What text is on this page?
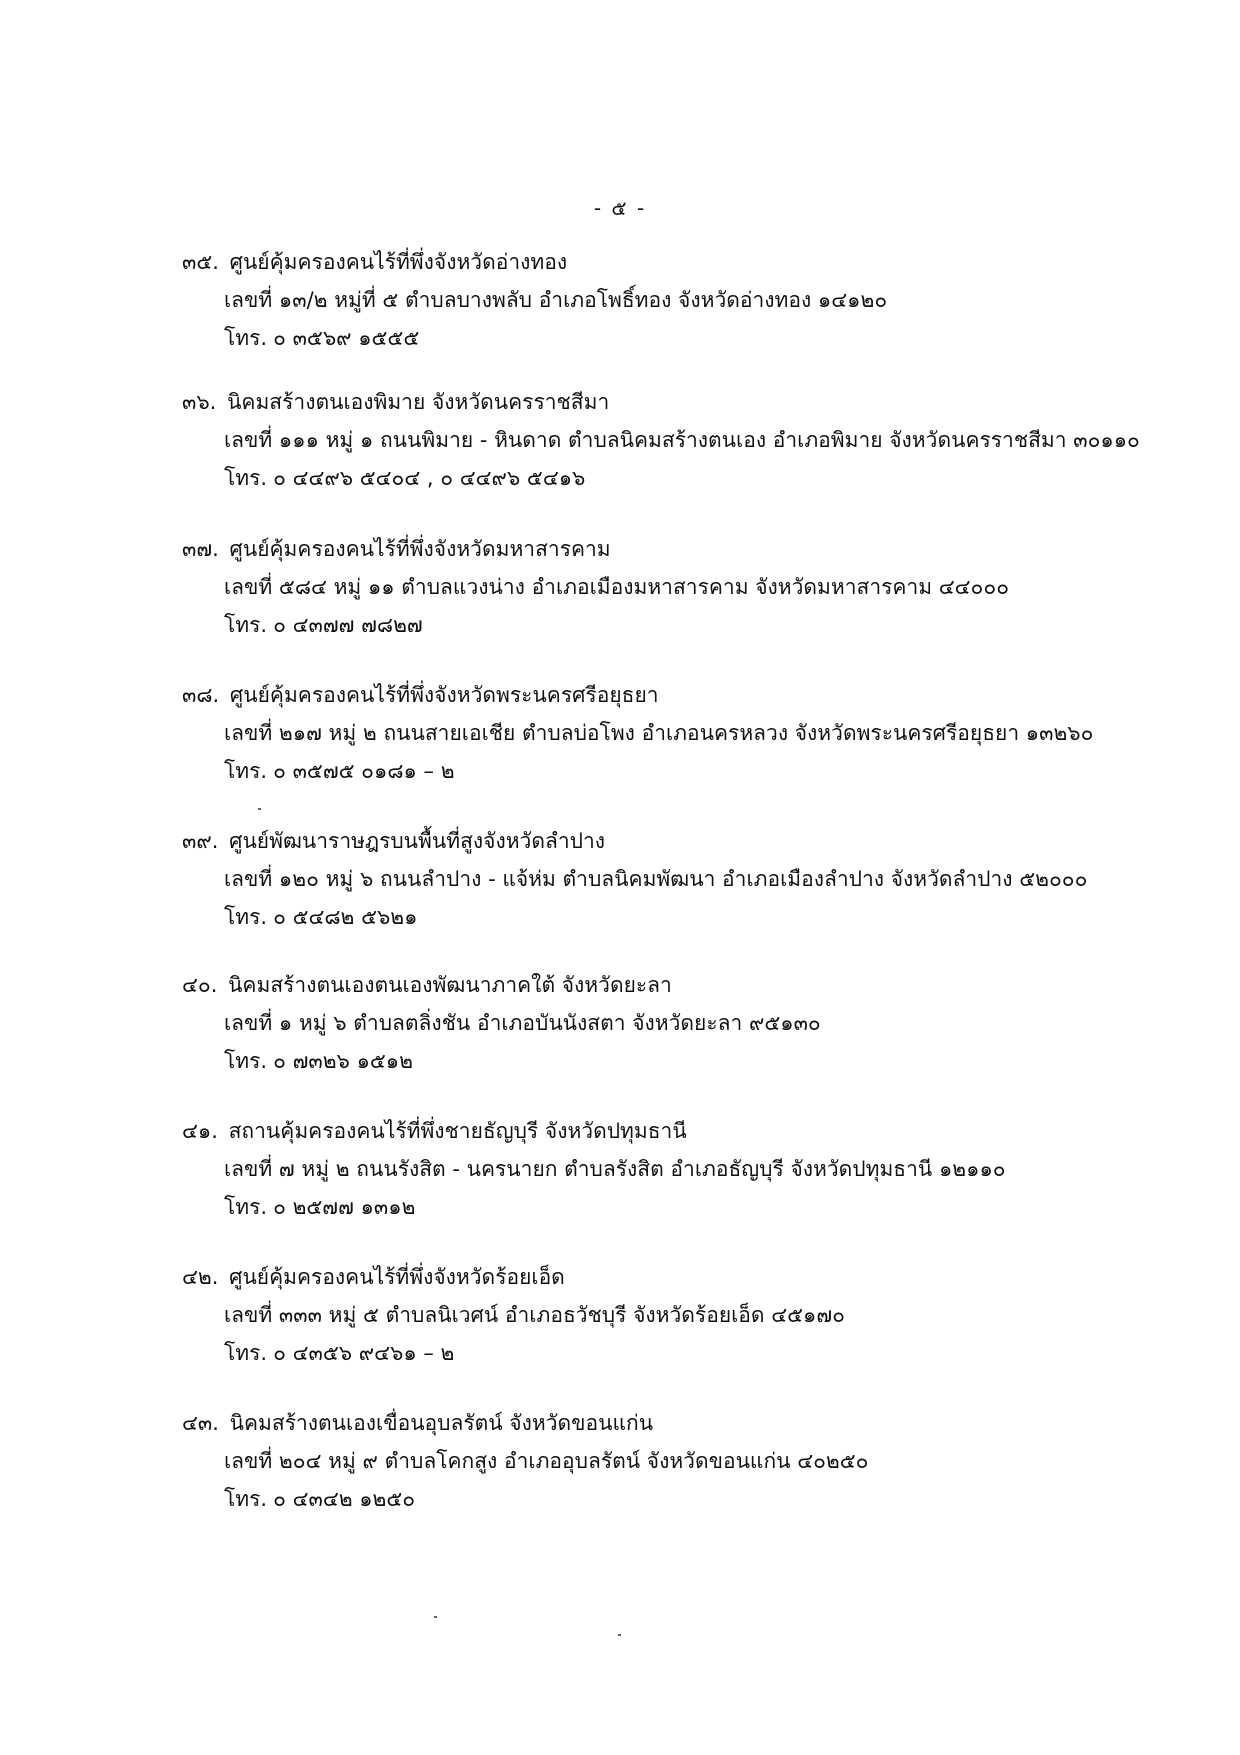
- ๕ -
๓๕. ศูนย์คุ้มครองคนไร้ที่พึ่งจังหวัดอ่างทอง
เลขที่ ๑๓/๒ หมู่ที่ ๕ ตำบลบางพลับ อำเภอโพธิ์ทอง จังหวัดอ่างทอง ๑๔๑๒๐
โทร. ๐ ๓๕๖๙ ๑๕๕๕
๓๖. นิคมสร้างตนเองพิมาย จังหวัดนครราชสีมา
เลขที่ ๑๑๑ หมู่ ๑ ถนนพิมาย - หินดาด ตำบลนิคมสร้างตนเอง อำเภอพิมาย จังหวัดนครราชสีมา ๓๐๑๑๐
โทร. ๐ ๔๔๙๖ ๕๔๐๔ , ๐ ๔๔๙๖ ๕๔๑๖
๓๗. ศูนย์คุ้มครองคนไร้ที่พึ่งจังหวัดมหาสารคาม
เลขที่ ๕๘๔ หมู่ ๑๑ ตำบลแวงน่าง อำเภอเมืองมหาสารคาม จังหวัดมหาสารคาม ๔๔๐๐๐
โทร. ๐ ๔๓๗๗ ๗๘๒๗
๓๘. ศูนย์คุ้มครองคนไร้ที่พึ่งจังหวัดพระนครศรีอยุธยา
เลขที่ ๒๑๗ หมู่ ๒ ถนนสายเอเชีย ตำบลบ่อโพง อำเภอนครหลวง จังหวัดพระนครศรีอยุธยา ๑๓๒๖๐
โทร. ๐ ๓๕๗๕ ๐๑๘๑ – ๒
๓๙. ศูนย์พัฒนาราษฎรบนพื้นที่สูงจังหวัดลำปาง
เลขที่ ๑๒๐ หมู่ ๖ ถนนลำปาง - แจ้ห่ม ตำบลนิคมพัฒนา อำเภอเมืองลำปาง จังหวัดลำปาง ๕๒๐๐๐
โทร. ๐ ๕๔๘๒ ๕๖๒๑
๔๐. นิคมสร้างตนเองตนเองพัฒนาภาคใต้ จังหวัดยะลา
เลขที่ ๑ หมู่ ๖ ตำบลตลิ่งชัน อำเภอบันนังสตา จังหวัดยะลา ๙๕๑๓๐
โทร. ๐ ๗๓๒๖ ๑๕๑๒
๔๑. สถานคุ้มครองคนไร้ที่พึ่งชายธัญบุรี จังหวัดปทุมธานี
เลขที่ ๗ หมู่ ๒ ถนนรังสิต - นครนายก ตำบลรังสิต อำเภอธัญบุรี จังหวัดปทุมธานี ๑๒๑๑๐
โทร. ๐ ๒๕๗๗ ๑๓๑๒
๔๒. ศูนย์คุ้มครองคนไร้ที่พึ่งจังหวัดร้อยเอ็ด
เลขที่ ๓๓๓ หมู่ ๕ ตำบลนิเวศน์ อำเภอธวัชบุรี จังหวัดร้อยเอ็ด ๔๕๑๗๐
โทร. ๐ ๔๓๕๖ ๙๔๖๑ – ๒
๔๓. นิคมสร้างตนเองเขื่อนอุบลรัตน์ จังหวัดขอนแก่น
เลขที่ ๒๐๔ หมู่ ๙ ตำบลโคกสูง อำเภออุบลรัตน์ จังหวัดขอนแก่น ๔๐๒๕๐
โทร. ๐ ๔๓๔๒ ๑๒๕๐
